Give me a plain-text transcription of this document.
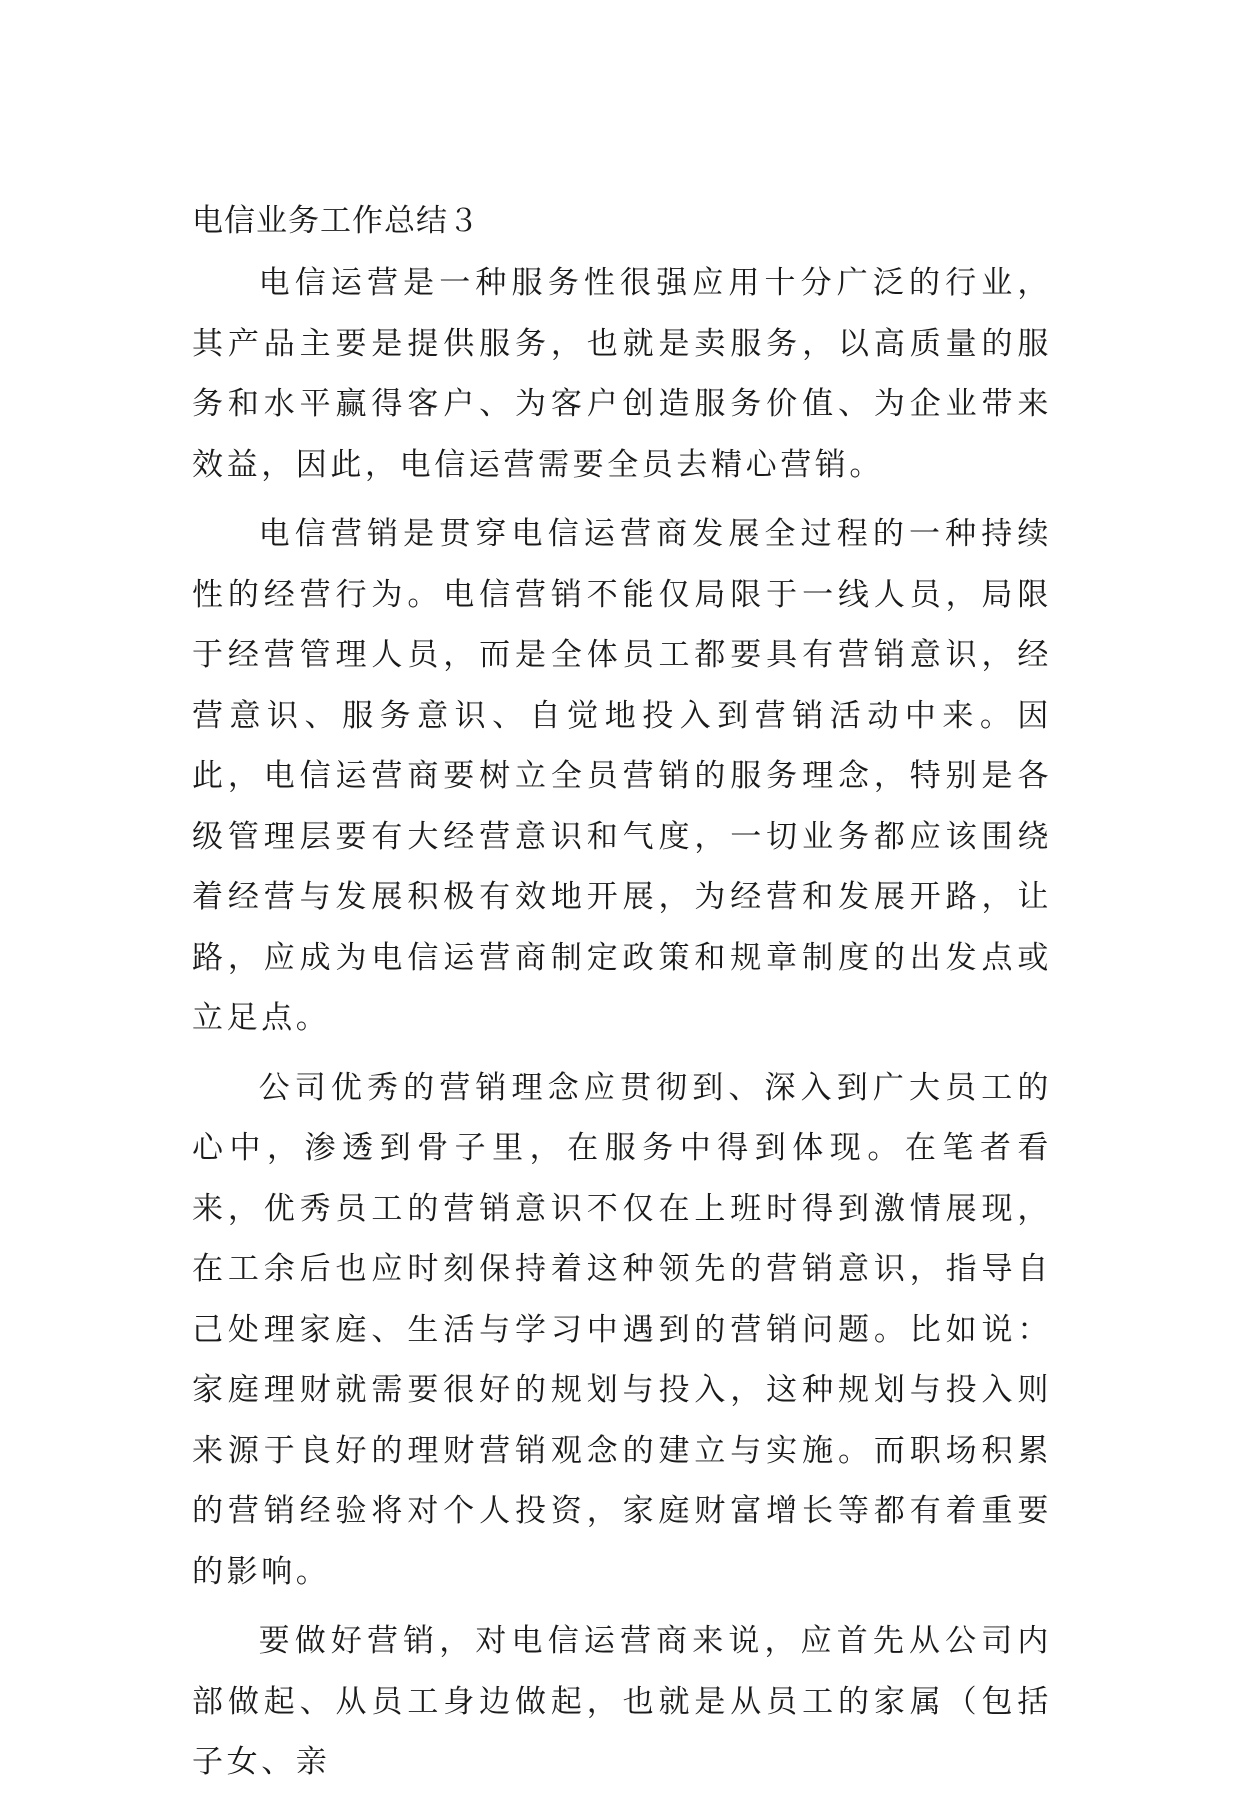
电信业务工作总结３

电信运营是一种服务性很强应用十分广泛的行业，其产品主要是提供服务，也就是卖服务，以高质量的服务和水平赢得客户、为客户创造服务价值、为企业带来效益，因此，电信运营需要全员去精心营销。

电信营销是贯穿电信运营商发展全过程的一种持续性的经营行为。电信营销不能仅局限于一线人员，局限于经营管理人员，而是全体员工都要具有营销意识，经营意识、服务意识、自觉地投入到营销活动中来。因此，电信运营商要树立全员营销的服务理念，特别是各级管理层要有大经营意识和气度，一切业务都应该围绕着经营与发展积极有效地开展，为经营和发展开路，让路，应成为电信运营商制定政策和规章制度的出发点或立足点。

公司优秀的营销理念应贯彻到、深入到广大员工的心中，渗透到骨子里，在服务中得到体现。在笔者看来，优秀员工的营销意识不仅在上班时得到激情展现，在工余后也应时刻保持着这种领先的营销意识，指导自己处理家庭、生活与学习中遇到的营销问题。比如说：家庭理财就需要很好的规划与投入，这种规划与投入则来源于良好的理财营销观念的建立与实施。而职场积累的营销经验将对个人投资，家庭财富增长等都有着重要的影响。

要做好营销，对电信运营商来说，应首先从公司内部做起、从员工身边做起，也就是从员工的家属（包括子女、亲
